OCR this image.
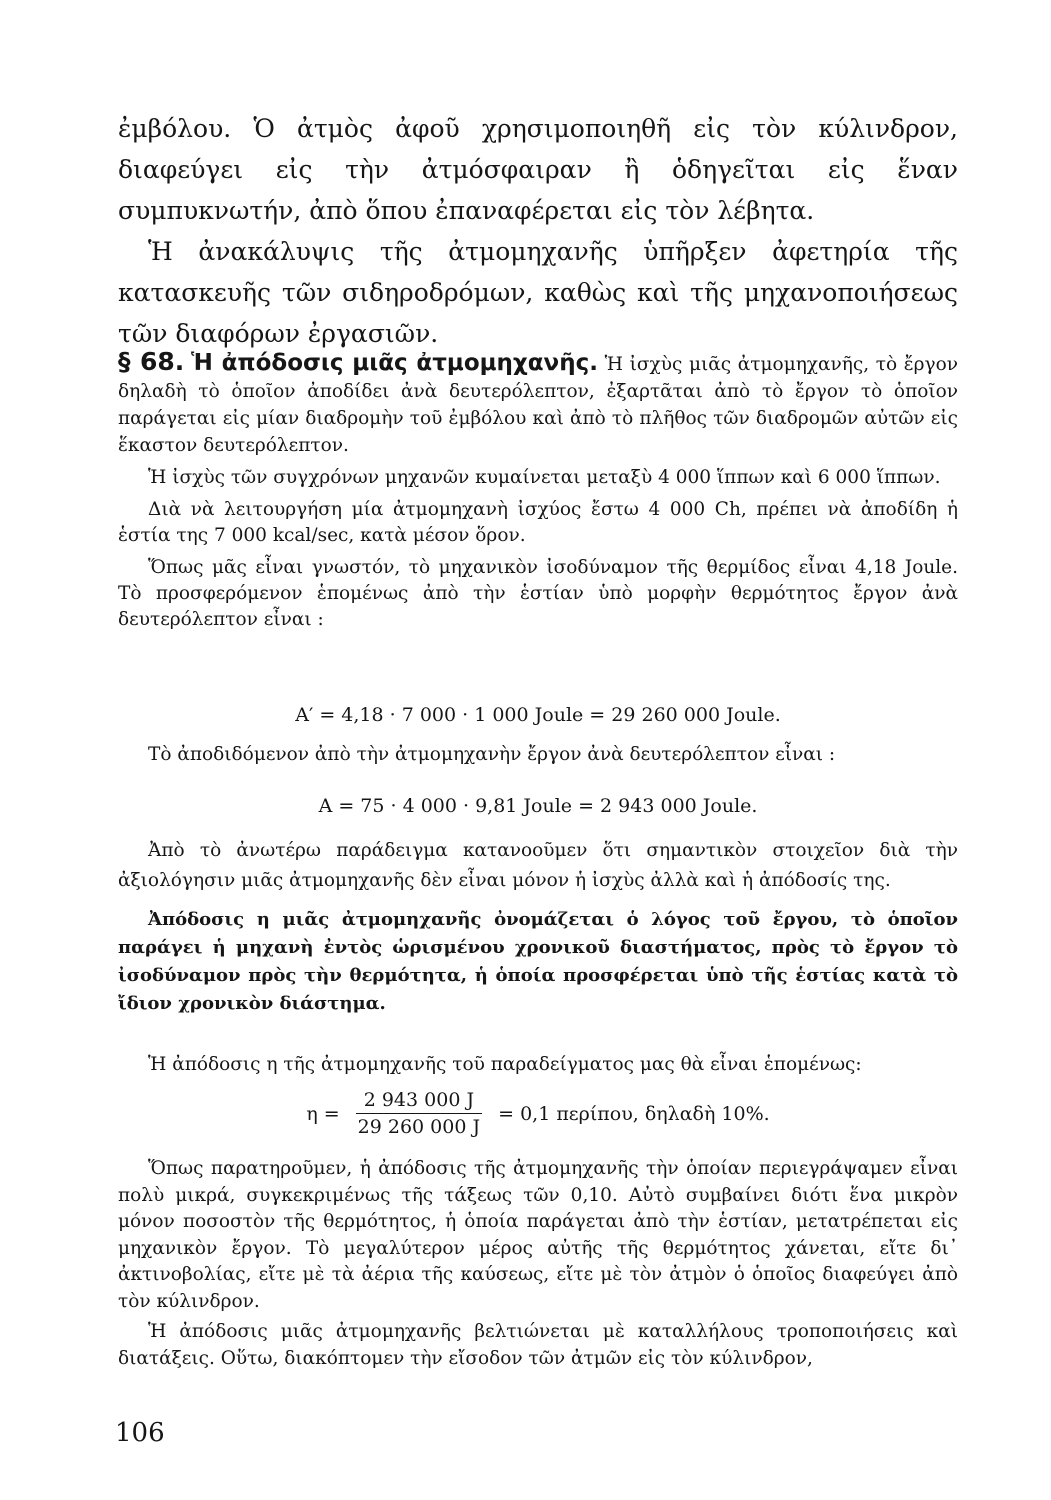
ἐμβόλου. Ὁ ἀτμὸς ἀφοῦ χρησιμοποιηθῆ εἰς τὸν κύλινδρον, διαφεύγει εἰς τὴν ἀτμόσφαιραν ἢ ὁδηγεῖται εἰς ἕναν συμπυκνωτήν, ἀπὸ ὅπου ἐπαναφέρεται εἰς τὸν λέβητα.

Ἡ ἀνακάλυψις τῆς ἀτμομηχανῆς ὑπῆρξεν ἀφετηρία τῆς κατασκευῆς τῶν σιδηροδρόμων, καθὼς καὶ τῆς μηχανοποιήσεως τῶν διαφόρων ἐργασιῶν.

§ 68. Ἡ ἀπόδοσις μιᾶς ἀτμομηχανῆς. Ἡ ἰσχὺς μιᾶς ἀτμομηχανῆς, τὸ ἔργον δηλαδὴ τὸ ὁποῖον ἀποδίδει ἀνὰ δευτερόλεπτον, ἐξαρτᾶται ἀπὸ τὸ ἔργον τὸ ὁποῖον παράγεται εἰς μίαν διαδρομὴν τοῦ ἐμβόλου καὶ ἀπὸ τὸ πλῆθος τῶν διαδρομῶν αὐτῶν εἰς ἕκαστον δευτερόλεπτον.

Ἡ ἰσχὺς τῶν συγχρόνων μηχανῶν κυμαίνεται μεταξὺ 4 000 ἵππων καὶ 6 000 ἵππων.

Διὰ νὰ λειτουργήση μία ἀτμομηχανὴ ἰσχύος ἔστω 4 000 Ch, πρέπει νὰ ἀποδίδη ἡ ἑστία της 7 000 kcal/sec, κατὰ μέσον ὅρον.

Ὅπως μᾶς εἶναι γνωστόν, τὸ μηχανικὸν ἰσοδύναμον τῆς θερμίδος εἶναι 4,18 Joule. Τὸ προσφερόμενον ἑπομένως ἀπὸ τὴν ἑστίαν ὑπὸ μορφὴν θερμότητος ἔργον ἀνὰ δευτερόλεπτον εἶναι :

A′ = 4,18 · 7 000 · 1 000 Joule = 29 260 000 Joule.

Τὸ ἀποδιδόμενον ἀπὸ τὴν ἀτμομηχανὴν ἔργον ἀνὰ δευτερόλεπτον εἶναι :

A = 75 · 4 000 · 9,81 Joule = 2 943 000 Joule.

Ἀπὸ τὸ ἀνωτέρω παράδειγμα κατανοοῦμεν ὅτι σημαντικὸν στοιχεῖον διὰ τὴν ἀξιολόγησιν μιᾶς ἀτμομηχανῆς δὲν εἶναι μόνον ἡ ἰσχὺς ἀλλὰ καὶ ἡ ἀπόδοσίς της.

Ἀπόδοσις η μιᾶς ἀτμομηχανῆς ὀνομάζεται ὁ λόγος τοῦ ἔργου, τὸ ὁποῖον παράγει ἡ μηχανὴ ἐντὸς ὡρισμένου χρονικοῦ διαστήματος, πρὸς τὸ ἔργον τὸ ἰσοδύναμον πρὸς τὴν θερμότητα, ἡ ὁποία προσφέρεται ὑπὸ τῆς ἑστίας κατὰ τὸ ἴδιον χρονικὸν διάστημα.

Ἡ ἀπόδοσις η τῆς ἀτμομηχανῆς τοῦ παραδείγματος μας θὰ εἶναι ἑπομένως:

$\eta = \frac{2 943 000 J}{29 260 000 J} = 0,1$ περίπου, δηλαδὴ 10%.

Ὅπως παρατηροῦμεν, ἡ ἀπόδοσις τῆς ἀτμομηχανῆς τὴν ὁποίαν περιεγράψαμεν εἶναι πολὺ μικρά, συγκεκριμένως τῆς τάξεως τῶν 0,10. Αὐτὸ συμβαίνει διότι ἕνα μικρὸν μόνον ποσοστὸν τῆς θερμότητος, ἡ ὁποία παράγεται ἀπὸ τὴν ἑστίαν, μετατρέπεται εἰς μηχανικὸν ἔργον. Τὸ μεγαλύτερον μέρος αὐτῆς τῆς θερμότητος χάνεται, εἴτε δι᾽ ἀκτινοβολίας, εἴτε μὲ τὰ ἀέρια τῆς καύσεως, εἴτε μὲ τὸν ἀτμὸν ὁ ὁποῖος διαφεύγει ἀπὸ τὸν κύλινδρον.

Ἡ ἀπόδοσις μιᾶς ἀτμομηχανῆς βελτιώνεται μὲ καταλλήλους τροποποιήσεις καὶ διατάξεις. Οὕτω, διακόπτομεν τὴν εἴσοδον τῶν ἀτμῶν εἰς τὸν κύλινδρον,

106
